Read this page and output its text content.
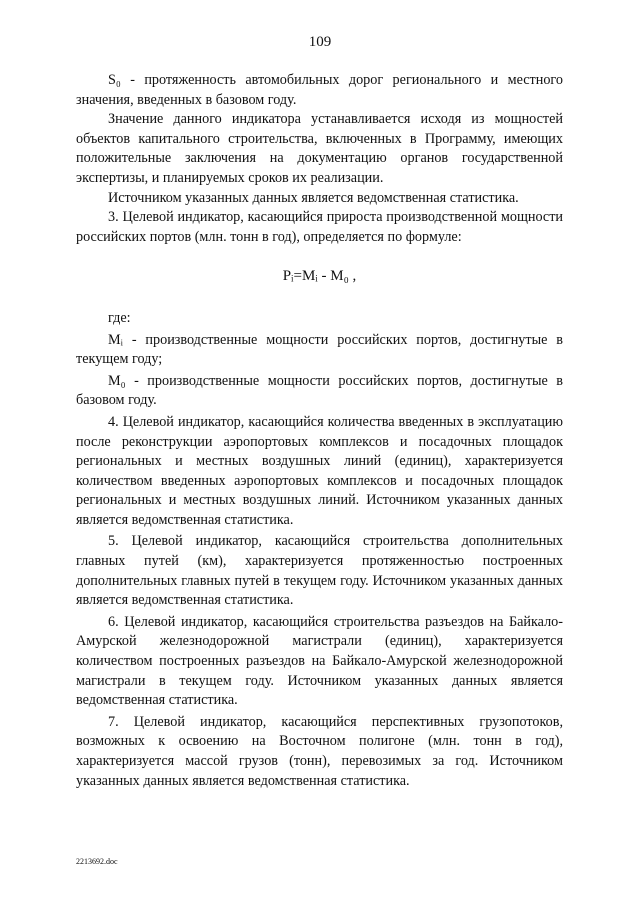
109

S₀ - протяженность автомобильных дорог регионального и местного значения, введенных в базовом году.

Значение данного индикатора устанавливается исходя из мощностей объектов капитального строительства, включенных в Программу, имеющих положительные заключения на документацию органов государственной экспертизы, и планируемых сроков их реализации.

Источником указанных данных является ведомственная статистика.

3. Целевой индикатор, касающийся прироста производственной мощности российских портов (млн. тонн в год), определяется по формуле:

Pᵢ=Mᵢ - M₀ ,

где:

Mᵢ - производственные мощности российских портов, достигнутые в текущем году;

M₀ - производственные мощности российских портов, достигнутые в базовом году.

4. Целевой индикатор, касающийся количества введенных в эксплуатацию после реконструкции аэропортовых комплексов и посадочных площадок региональных и местных воздушных линий (единиц), характеризуется количеством введенных аэропортовых комплексов и посадочных площадок региональных и местных воздушных линий. Источником указанных данных является ведомственная статистика.

5. Целевой индикатор, касающийся строительства дополнительных главных путей (км), характеризуется протяженностью построенных дополнительных главных путей в текущем году. Источником указанных данных является ведомственная статистика.

6. Целевой индикатор, касающийся строительства разъездов на Байкало-Амурской железнодорожной магистрали (единиц), характеризуется количеством построенных разъездов на Байкало-Амурской железнодорожной магистрали в текущем году. Источником указанных данных является ведомственная статистика.

7. Целевой индикатор, касающийся перспективных грузопотоков, возможных к освоению на Восточном полигоне (млн. тонн в год), характеризуется массой грузов (тонн), перевозимых за год. Источником указанных данных является ведомственная статистика.

2213692.doc
